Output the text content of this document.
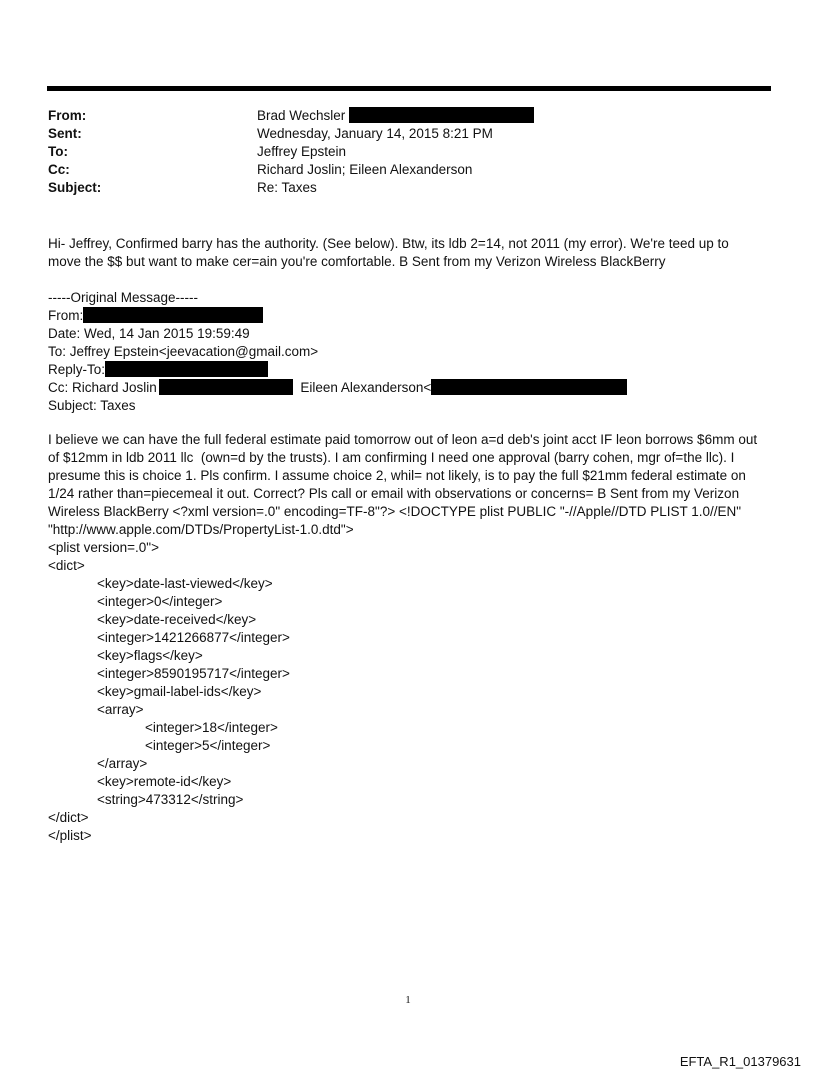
From:	Brad Wechsler
Sent:	Wednesday, January 14, 2015 8:21 PM
To:	Jeffrey Epstein
Cc:	Richard Joslin; Eileen Alexanderson
Subject:	Re: Taxes
Hi- Jeffrey, Confirmed barry has the authority. (See below). Btw, its ldb 2=14, not 2011 (my error). We're teed up to
move the $$ but want to make cer=ain you're comfortable. B Sent from my Verizon Wireless BlackBerry
-----Original Message-----
From:
Date: Wed, 14 Jan 2015 19:59:49
To: Jeffrey Epstein<jeevacation@gmail.com>
Reply-To:
Cc: Richard Joslin	Eileen Alexanderson<
Subject: Taxes
I believe we can have the full federal estimate paid tomorrow out of leon a=d deb's joint acct IF leon borrows $6mm out
of $12mm in ldb 2011 llc  (own=d by the trusts). I am confirming I need one approval (barry cohen, mgr of=the llc). I
presume this is choice 1. Pls confirm. I assume choice 2, whil= not likely, is to pay the full $21mm federal estimate on
1/24 rather than=piecemeal it out. Correct? Pls call or email with observations or concerns= B Sent from my Verizon
Wireless BlackBerry <?xml version=.0" encoding=TF-8"?> <!DOCTYPE plist PUBLIC "-//Apple//DTD PLIST 1.0//EN"
"http://www.apple.com/DTDs/PropertyList-1.0.dtd">
<plist version=.0">
<dict>
<key>date-last-viewed</key>
<integer>0</integer>
<key>date-received</key>
<integer>1421266877</integer>
<key>flags</key>
<integer>8590195717</integer>
<key>gmail-label-ids</key>
<array>
<integer>18</integer>
<integer>5</integer>
</array>
<key>remote-id</key>
<string>473312</string>
</dict>
</plist>
1
EFTA_R1_01379631
